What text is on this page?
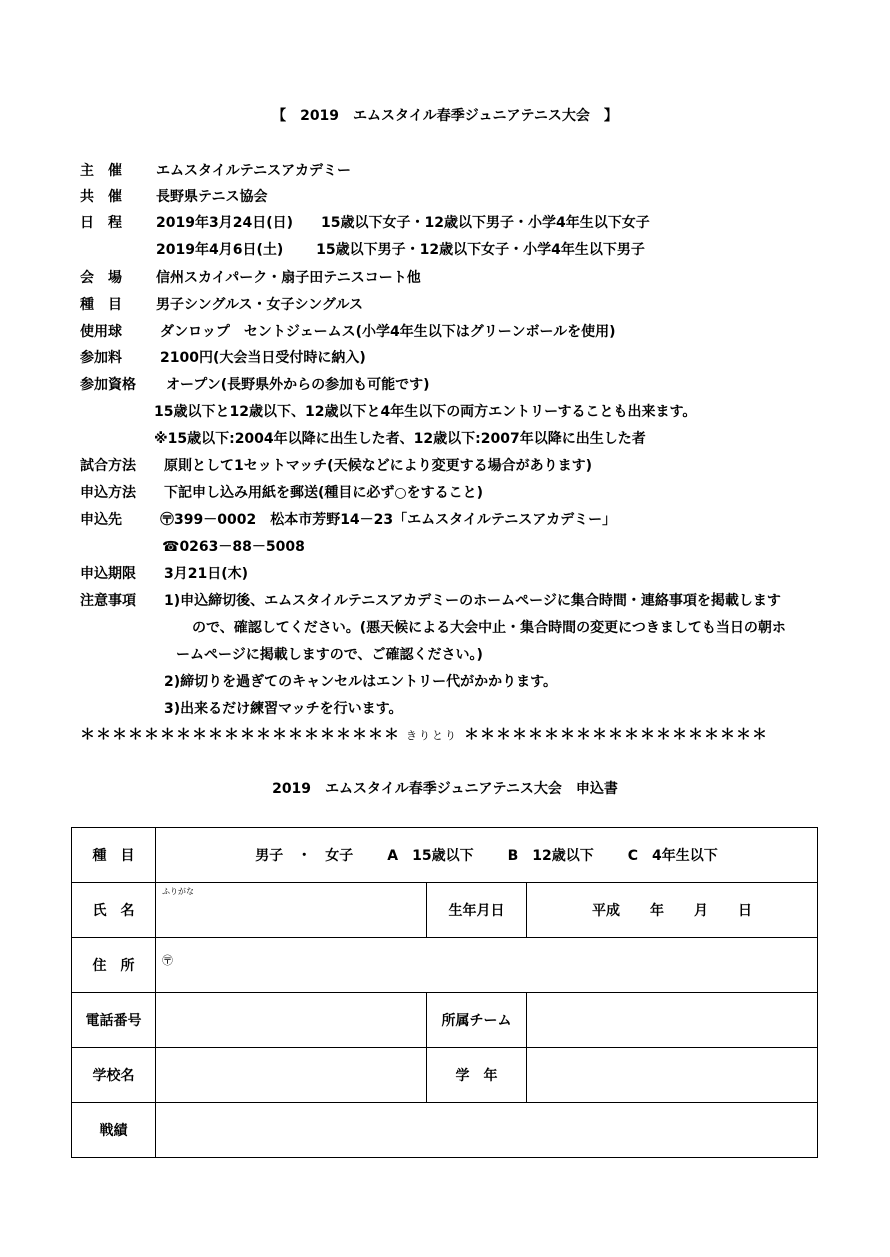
【　2019　エムスタイル春季ジュニアテニス大会　】
主　催 エムスタイルテニスアカデミー
共　催 長野県テニス協会
日　程 2019年3月24日(日)　　15歳以下女子・12歳以下男子・小学4年生以下女子
2019年4月6日(土)　　 15歳以下男子・12歳以下女子・小学4年生以下男子
会　場 信州スカイパーク・扇子田テニスコート他
種　目 男子シングルス・女子シングルス
使用球	ダンロップ　セントジェームス(小学4年生以下はグリーンボールを使用)
参加料	2100円(大会当日受付時に納入)
参加資格 オープン(長野県外からの参加も可能です)
15歳以下と12歳以下、12歳以下と4年生以下の両方エントリーすることも出来ます。
※15歳以下:2004年以降に出生した者、12歳以下:2007年以降に出生した者
試合方法 原則として1セットマッチ(天候などにより変更する場合があります)
申込方法 下記申し込み用紙を郵送(種目に必ず○をすること)
申込先	〶399－0002　松本市芳野14－23「エムスタイルテニスアカデミー」
☎0263－88－5008
申込期限 3月21日(木)
注意事項 1)申込締切後、エムスタイルテニスアカデミーのホームページに集合時間・連絡事項を掲載します
ので、確認してください。(悪天候による大会中止・集合時間の変更につきましても当日の朝ホ
ームページに掲載しますので、ご確認ください。)
2)締切りを過ぎてのキャンセルはエントリー代がかかります。
3)出来るだけ練習マッチを行います。
＊＊＊＊＊＊＊＊＊＊＊＊＊＊＊＊＊＊＊＊ きりとり ＊＊＊＊＊＊＊＊＊＊＊＊＊＊＊＊＊＊＊
2019　エムスタイル春季ジュニアテニス大会　申込書
種　目	男子　・　女子 A　15歳以下 B　12歳以下 C　4年生以下		

氏　名	ふりがな	生年月日	平成 年 月 日

住　所	〶		

電話番号		所属チーム	
学校名		学　年	
戦績			
